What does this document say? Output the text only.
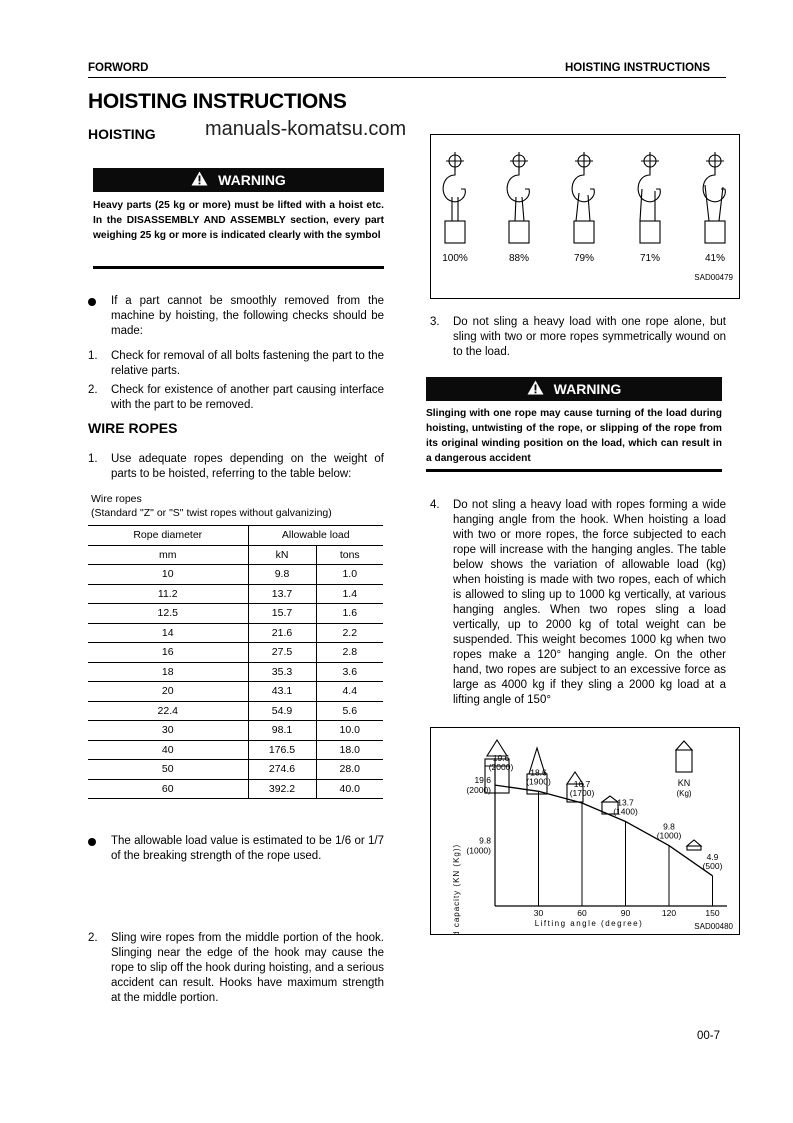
FORWORD	HOISTING INSTRUCTIONS
HOISTING INSTRUCTIONS
HOISTING manuals-komatsu.com
WARNING
Heavy parts (25 kg or more) must be lifted with a hoist etc. In the DISASSEMBLY AND ASSEMBLY section, every part weighing 25 kg or more is indicated clearly with the symbol
If a part cannot be smoothly removed from the machine by hoisting, the following checks should be made:
1. Check for removal of all bolts fastening the part to the relative parts.
2. Check for existence of another part causing interface with the part to be removed.
WIRE ROPES
1. Use adequate ropes depending on the weight of parts to be hoisted, referring to the table below:
Wire ropes
(Standard "Z" or "S" twist ropes without galvanizing)
Rope diameter	Allowable load	
mm	kN	tons
10	9.8	1.0
11.2	13.7	1.4
12.5	15.7	1.6
14	21.6	2.2
16	27.5	2.8
18	35.3	3.6
20	43.1	4.4
22.4	54.9	5.6
30	98.1	10.0
40	176.5	18.0
50	274.6	28.0
60	392.2	40.0
The allowable load value is estimated to be 1/6 or 1/7 of the breaking strength of the rope used.
2. Sling wire ropes from the middle portion of the hook. Slinging near the edge of the hook may cause the rope to slip off the hook during hoisting, and a serious accident can result. Hooks have maximum strength at the middle portion.
100%	88%	79%	71%	41%
SAD00479
3. Do not sling a heavy load with one rope alone, but sling with two or more ropes symmetrically wound on to the load.
WARNING
Slinging with one rope may cause turning of the load during hoisting, untwisting of the rope, or slipping of the rope from its original winding position on the load, which can result in a dangerous accident
4. Do not sling a heavy load with ropes forming a wide hanging angle from the hook. When hoisting a load with two or more ropes, the force subjected to each rope will increase with the hanging angles. The table below shows the variation of allowable load (kg) when hoisting is made with two ropes, each of which is allowed to sling up to 1000 kg vertically, at various hanging angles. When two ropes sling a load vertically, up to 2000 kg of total weight can be suspended. This weight becomes 1000 kg when two ropes make a 120° hanging angle. On the other hand, two ropes are subject to an excessive force as large as 4000 kg if they sling a 2000 kg load at a lifting angle of 150°
30	60	90	120	150
19.6
(2000)
9.8
(1000)
18.6
(1900)	16.7
(1700)
13.7
(1400)
9.8
(1000)
4.9
(500)
19.6
(2000)
KN
(Kg)
Load capacity (KN (Kg))	Lifting angle (degree)	SAD00480
00-7
